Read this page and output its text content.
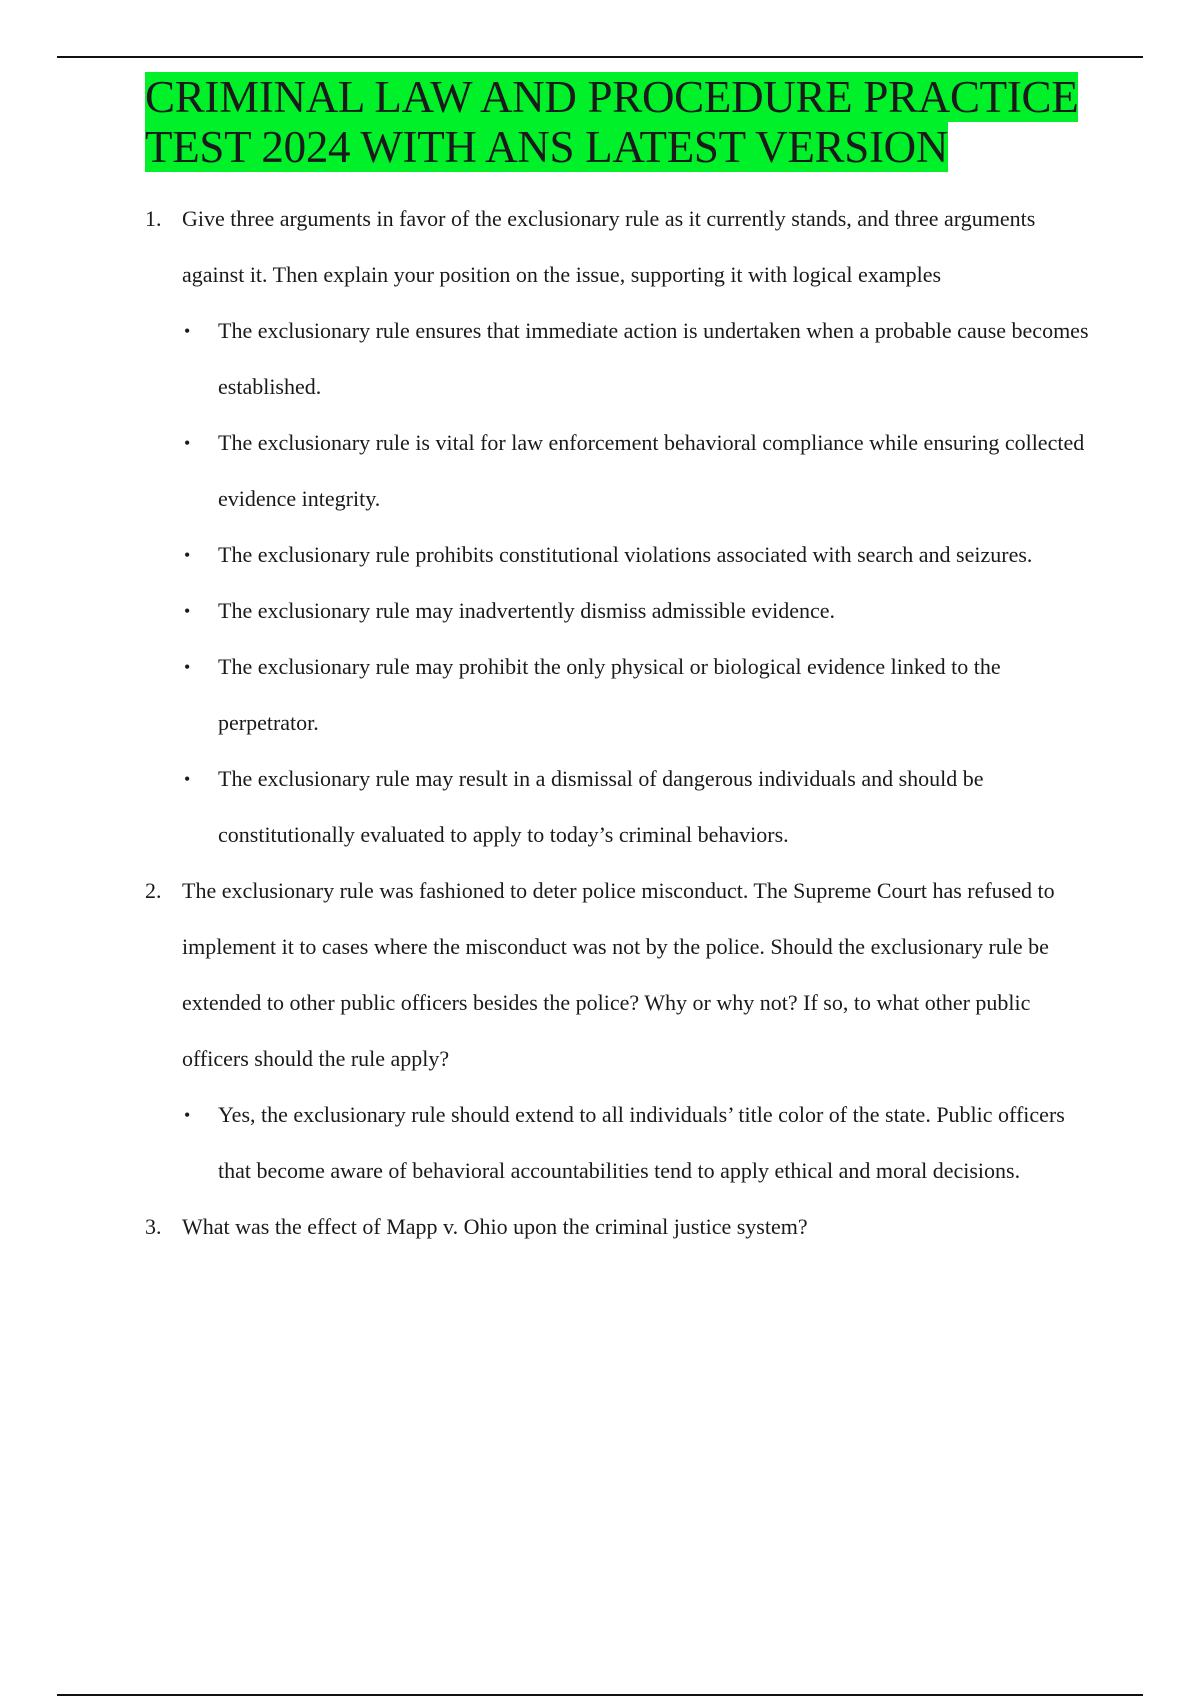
CRIMINAL LAW AND PROCEDURE PRACTICE TEST 2024 WITH ANS LATEST VERSION
1. Give three arguments in favor of the exclusionary rule as it currently stands, and three arguments against it. Then explain your position on the issue, supporting it with logical examples
• The exclusionary rule ensures that immediate action is undertaken when a probable cause becomes established.
• The exclusionary rule is vital for law enforcement behavioral compliance while ensuring collected evidence integrity.
• The exclusionary rule prohibits constitutional violations associated with search and seizures.
• The exclusionary rule may inadvertently dismiss admissible evidence.
• The exclusionary rule may prohibit the only physical or biological evidence linked to the perpetrator.
• The exclusionary rule may result in a dismissal of dangerous individuals and should be constitutionally evaluated to apply to today’s criminal behaviors.
2. The exclusionary rule was fashioned to deter police misconduct. The Supreme Court has refused to implement it to cases where the misconduct was not by the police. Should the exclusionary rule be extended to other public officers besides the police? Why or why not? If so, to what other public officers should the rule apply?
• Yes, the exclusionary rule should extend to all individuals’ title color of the state. Public officers that become aware of behavioral accountabilities tend to apply ethical and moral decisions.
3. What was the effect of Mapp v. Ohio upon the criminal justice system?
